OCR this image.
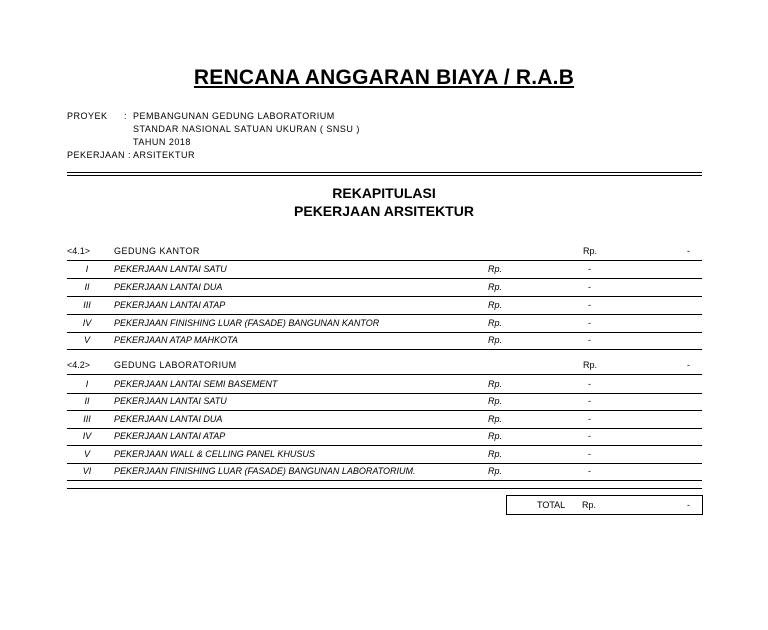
RENCANA ANGGARAN BIAYA / R.A.B
PROYEK : PEMBANGUNAN GEDUNG LABORATORIUM
STANDAR NASIONAL SATUAN UKURAN ( SNSU )
TAHUN 2018
PEKERJAAN : ARSITEKTUR
REKAPITULASI
PEKERJAAN ARSITEKTUR
<4.1>	GEDUNG KANTOR	Rp.	-
I	PEKERJAAN LANTAI SATU	Rp.	-
II	PEKERJAAN LANTAI DUA	Rp.	-
III	PEKERJAAN LANTAI ATAP	Rp.	-
IV	PEKERJAAN FINISHING LUAR (FASADE) BANGUNAN KANTOR	Rp.	-
V	PEKERJAAN ATAP MAHKOTA	Rp.	-
<4.2>	GEDUNG LABORATORIUM	Rp.	-
I	PEKERJAAN LANTAI SEMI BASEMENT	Rp.	-
II	PEKERJAAN LANTAI SATU	Rp.	-
III	PEKERJAAN LANTAI DUA	Rp.	-
IV	PEKERJAAN LANTAI ATAP	Rp.	-
V	PEKERJAAN WALL & CELLING PANEL KHUSUS	Rp.	-
VI	PEKERJAAN FINISHING LUAR (FASADE) BANGUNAN LABORATORIUM.	Rp.	-
TOTAL Rp.	-
